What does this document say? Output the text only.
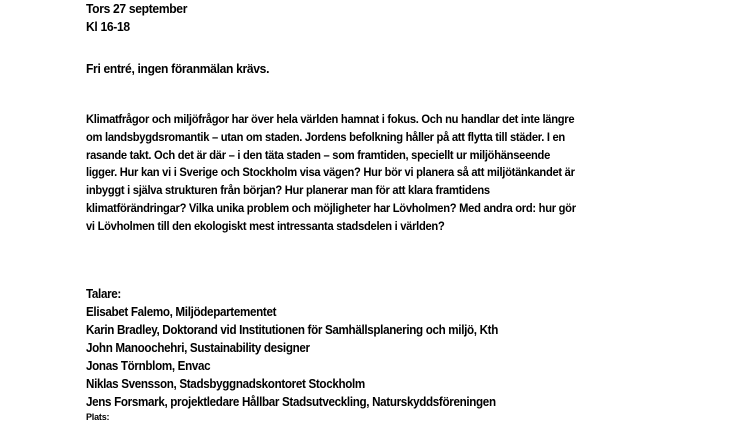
Tors 27 september
Kl 16-18
Fri entré, ingen föranmälan krävs.
Klimatfrågor och miljöfrågor har över hela världen hamnat i fokus. Och nu handlar det inte längre
om landsbygdsromantik – utan om staden. Jordens befolkning håller på att flytta till städer. I en
rasande takt. Och det är där – i den täta staden – som framtiden, speciellt ur miljöhänseende
ligger. Hur kan vi i Sverige och Stockholm visa vägen? Hur bör vi planera så att miljötänkandet är
inbyggt i själva strukturen från början? Hur planerar man för att klara framtidens
klimatförändringar? Vilka unika problem och möjligheter har Lövholmen? Med andra ord: hur gör
vi Lövholmen till den ekologiskt mest intressanta stadsdelen i världen?
Talare:
Elisabet Falemo, Miljödepartementet
Karin Bradley, Doktorand vid Institutionen för Samhällsplanering och miljö, Kth
John Manoochehri, Sustainability designer
Jonas Törnblom, Envac
Niklas Svensson, Stadsbyggnadskontoret Stockholm
Jens Forsmark, projektledare Hållbar Stadsutveckling, Naturskyddsföreningen
Plats:
